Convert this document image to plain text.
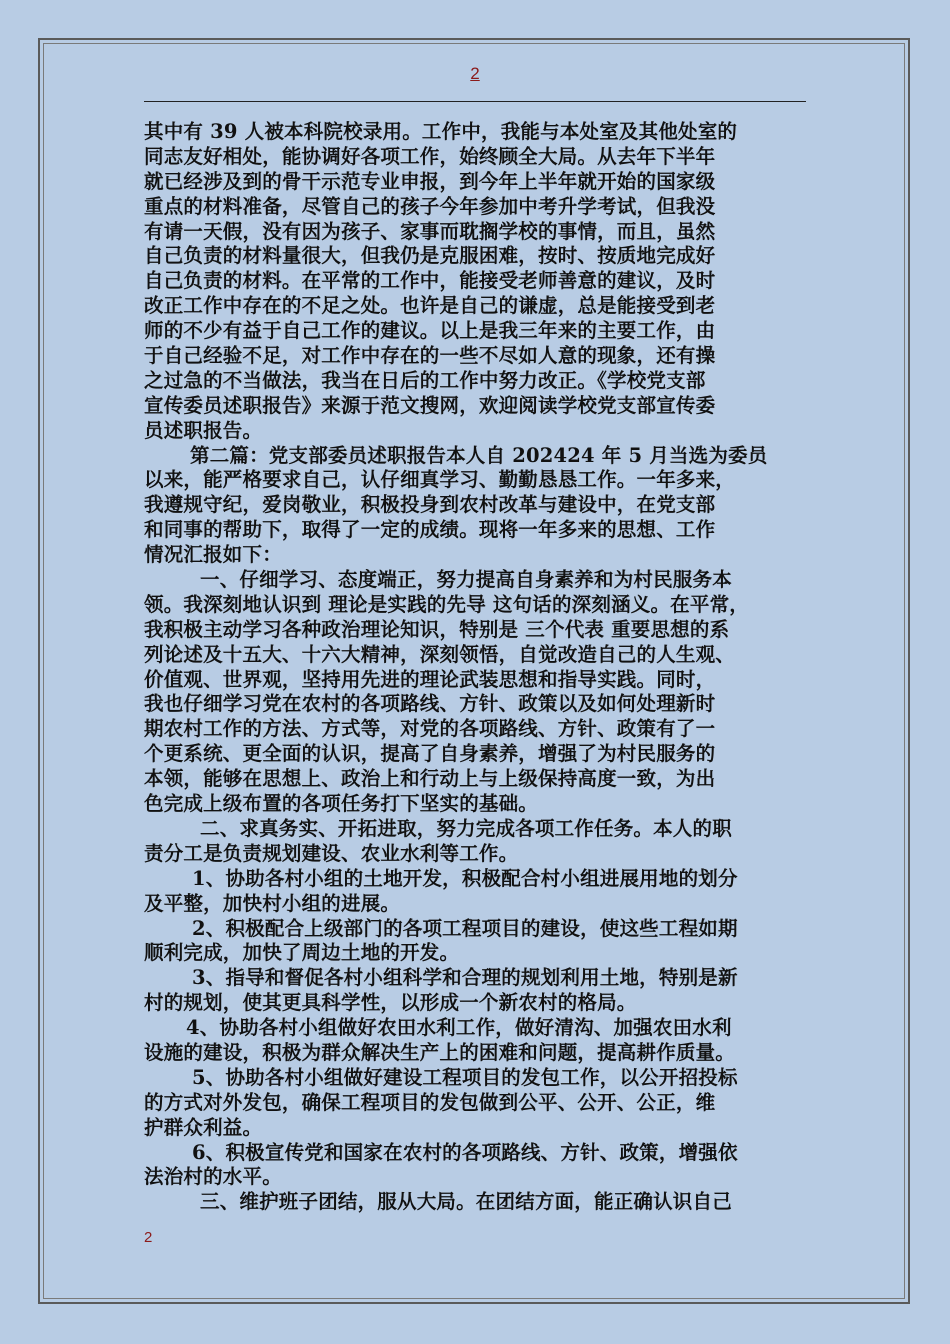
2
其中有 39 人被本科院校录用。工作中，我能与本处室及其他处室的
同志友好相处，能协调好各项工作，始终顾全大局。从去年下半年
就已经涉及到的骨干示范专业申报，到今年上半年就开始的国家级
重点的材料准备，尽管自己的孩子今年参加中考升学考试，但我没
有请一天假，没有因为孩子、家事而耽搁学校的事情，而且，虽然
自己负责的材料量很大，但我仍是克服困难，按时、按质地完成好
自己负责的材料。在平常的工作中，能接受老师善意的建议，及时
改正工作中存在的不足之处。也许是自己的谦虚，总是能接受到老
师的不少有益于自己工作的建议。以上是我三年来的主要工作，由
于自己经验不足，对工作中存在的一些不尽如人意的现象，还有操
之过急的不当做法，我当在日后的工作中努力改正。《学校党支部
宣传委员述职报告》来源于范文搜网，欢迎阅读学校党支部宣传委
员述职报告。
第二篇：党支部委员述职报告本人自 202424 年 5 月当选为委员
以来，能严格要求自己，认仔细真学习、勤勤恳恳工作。一年多来，
我遵规守纪，爱岗敬业，积极投身到农村改革与建设中，在党支部
和同事的帮助下，取得了一定的成绩。现将一年多来的思想、工作
情况汇报如下：
一、仔细学习、态度端正，努力提高自身素养和为村民服务本
领。我深刻地认识到 理论是实践的先导 这句话的深刻涵义。在平常，
我积极主动学习各种政治理论知识，特别是 三个代表 重要思想的系
列论述及十五大、十六大精神，深刻领悟，自觉改造自己的人生观、
价值观、世界观，坚持用先进的理论武装思想和指导实践。同时，
我也仔细学习党在农村的各项路线、方针、政策以及如何处理新时
期农村工作的方法、方式等，对党的各项路线、方针、政策有了一
个更系统、更全面的认识，提高了自身素养，增强了为村民服务的
本领，能够在思想上、政治上和行动上与上级保持高度一致，为出
色完成上级布置的各项任务打下坚实的基础。
二、求真务实、开拓进取，努力完成各项工作任务。本人的职
责分工是负责规划建设、农业水利等工作。
1、协助各村小组的土地开发，积极配合村小组进展用地的划分
及平整，加快村小组的进展。
2、积极配合上级部门的各项工程项目的建设，使这些工程如期
顺利完成，加快了周边土地的开发。
3、指导和督促各村小组科学和合理的规划利用土地，特别是新
村的规划，使其更具科学性，以形成一个新农村的格局。
4、协助各村小组做好农田水利工作，做好清沟、加强农田水利
设施的建设，积极为群众解决生产上的困难和问题，提高耕作质量。
5、协助各村小组做好建设工程项目的发包工作，以公开招投标
的方式对外发包，确保工程项目的发包做到公平、公开、公正，维
护群众利益。
6、积极宣传党和国家在农村的各项路线、方针、政策，增强依
法治村的水平。
三、维护班子团结，服从大局。在团结方面，能正确认识自己
2
